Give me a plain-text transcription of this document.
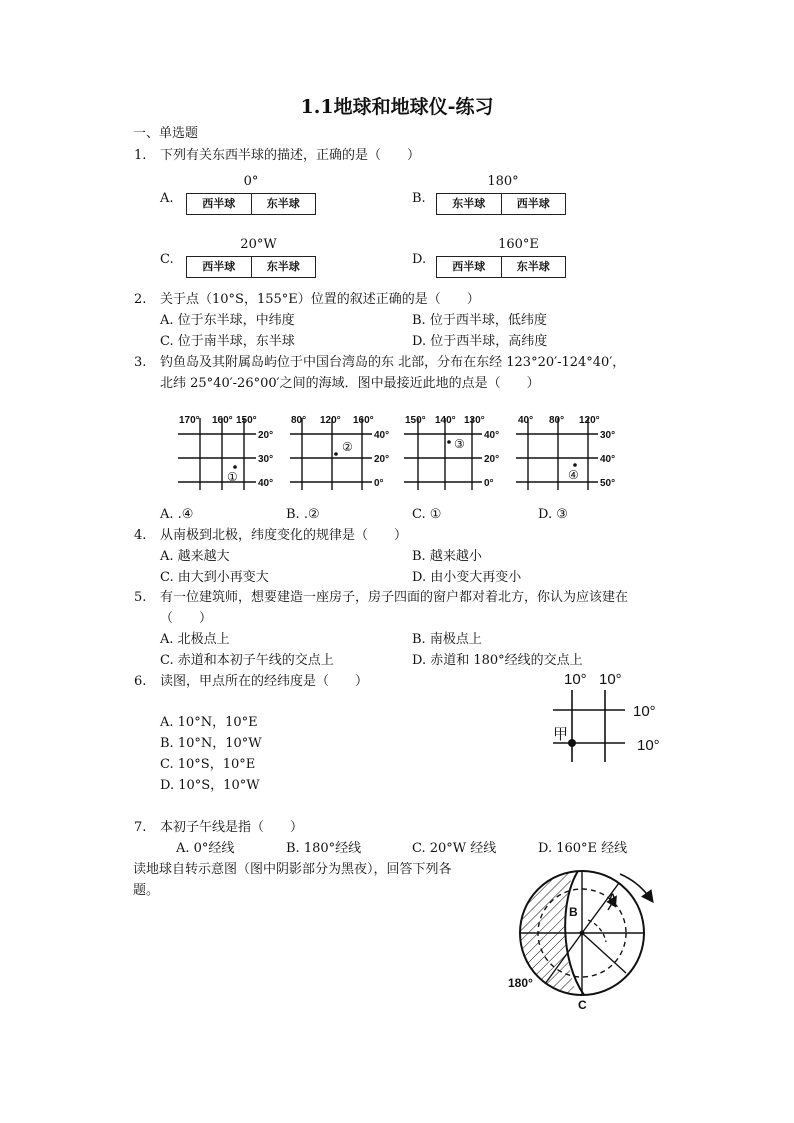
1.1地球和地球仪-练习
一、单选题
1. 下列有关东西半球的描述，正确的是（　　）
A.
0°
西半球	东半球	B.
180°
东半球	西半球
C.
20°W
西半球	东半球	D.
160°E
西半球	东半球
2. 关于点（10°S，155°E）位置的叙述正确的是（　　）
A. 位于东半球，中纬度	B. 位于西半球，低纬度
C. 位于南半球，东半球	D. 位于西半球，高纬度
3. 钓鱼岛及其附属岛屿位于中国台湾岛的东 北部，分布在东经 123°20′-124°40′，
北纬 25°40′-26°00′之间的海域．图中最接近此地的点是（　　）
170° 160° 150°
20°
30°
40°
①
80° 120° 160°
40°
20°
0°
②
150° 140° 130°
40°
20°
0°
③
40° 80° 120°
30°
40°
50°
④
A. .④	B. .②	C. ①	D. ③
4. 从南极到北极，纬度变化的规律是（　　）
A. 越来越大	B. 越来越小
C. 由大到小再变大	D. 由小变大再变小
5. 有一位建筑师，想要建造一座房子，房子四面的窗户都对着北方，你认为应该建在
（　　）
A. 北极点上	B. 南极点上
C. 赤道和本初子午线的交点上	D. 赤道和 180°经线的交点上
6. 读图，甲点所在的经纬度是（　　）
A. 10°N，10°E
B. 10°N，10°W
C. 10°S，10°E
D. 10°S，10°W
10° 10°
10°
10°
甲
7. 本初子午线是指（　　）
A. 0°经线	B. 180°经线	C. 20°W 经线	D. 160°E 经线
读地球自转示意图（图中阴影部分为黑夜），回答下列各
题。	A
B
C
180°
